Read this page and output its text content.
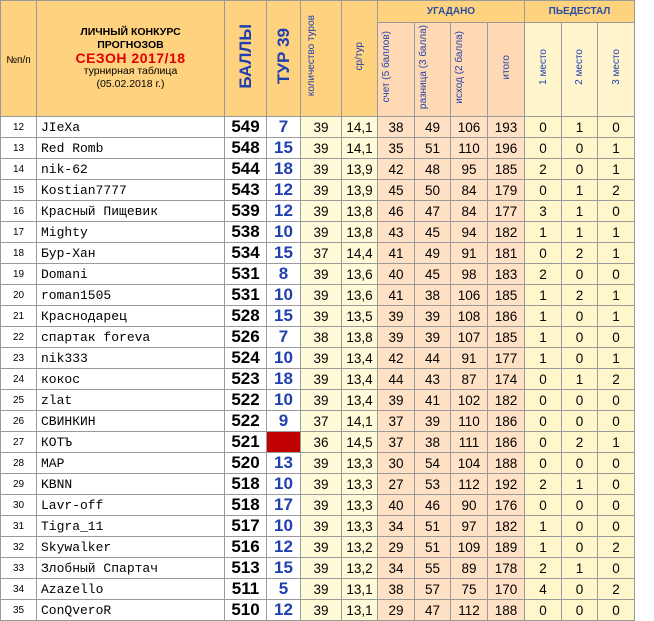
№п/п	ЛИЧНЫЙ КОНКУРС
ПРОГНОЗОВ
СЕЗОН 2017/18
турнирная таблица
(05.02.2018 г.)	БАЛЛЫ	ТУР 39	количество туров	ср/тур	УГАДАНО				ПЬЕДЕСТАЛ		
						счет (5 баллов)	разница (3 балла)	исход (2 балла)	итого	1 место	2 место	3 место
12	JIeXa	549	7	39	14,1	38	49	106	193	0	1	0
13	Red Romb	548	15	39	14,1	35	51	110	196	0	0	1
14	nik-62	544	18	39	13,9	42	48	95	185	2	0	1
15	Kostian7777	543	12	39	13,9	45	50	84	179	0	1	2
16	Красный Пищевик	539	12	39	13,8	46	47	84	177	3	1	0
17	Mighty	538	10	39	13,8	43	45	94	182	1	1	1
18	Бур-Хан	534	15	37	14,4	41	49	91	181	0	2	1
19	Domani	531	8	39	13,6	40	45	98	183	2	0	0
20	roman1505	531	10	39	13,6	41	38	106	185	1	2	1
21	Краснодарец	528	15	39	13,5	39	39	108	186	1	0	1
22	спартак foreva	526	7	38	13,8	39	39	107	185	1	0	0
23	nik333	524	10	39	13,4	42	44	91	177	1	0	1
24	кокос	523	18	39	13,4	44	43	87	174	0	1	2
25	zlat	522	10	39	13,4	39	41	102	182	0	0	0
26	СВИНКИН	522	9	37	14,1	37	39	110	186	0	0	0
27	КОТЪ	521		36	14,5	37	38	111	186	0	2	1
28	МАР	520	13	39	13,3	30	54	104	188	0	0	0
29	KBNN	518	10	39	13,3	27	53	112	192	2	1	0
30	Lavr-off	518	17	39	13,3	40	46	90	176	0	0	0
31	Tigra_11	517	10	39	13,3	34	51	97	182	1	0	0
32	Skywalker	516	12	39	13,2	29	51	109	189	1	0	2
33	Злобный Спартач	513	15	39	13,2	34	55	89	178	2	1	0
34	Azazello	511	5	39	13,1	38	57	75	170	4	0	2
35	ConQveroR	510	12	39	13,1	29	47	112	188	0	0	0
